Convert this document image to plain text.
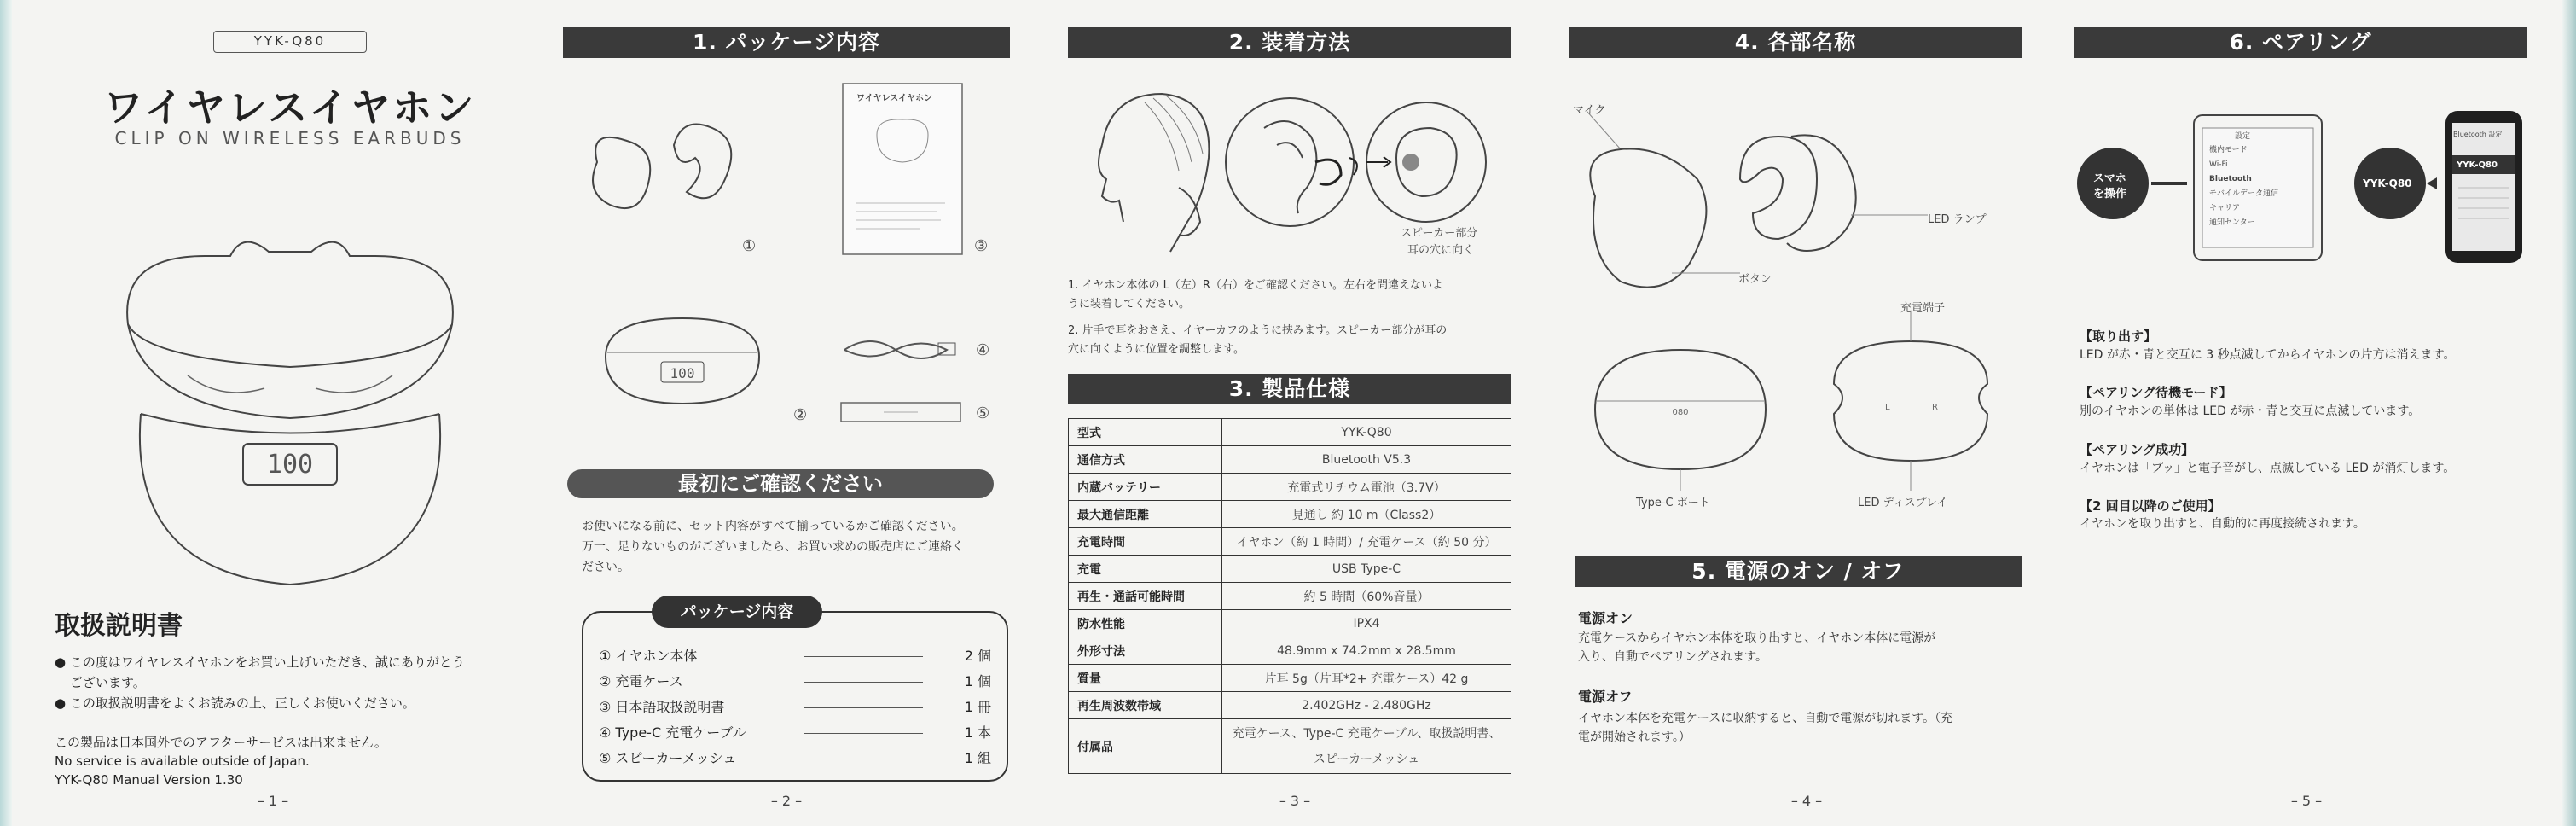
YYK-Q80
ワイヤレスイヤホン
CLIP ON WIRELESS EARBUDS
100
取扱説明書
● この度はワイヤレスイヤホンをお買い上げいただき、誠にありがとう
ございます。
● この取扱説明書をよくお読みの上、正しくお使いください。
この製品は日本国外でのアフターサービスは出来ません。
No service is available outside of Japan.
YYK-Q80 Manual Version 1.30
– 1 –
1. パッケージ内容
①
ワイヤレスイヤホン
③
100
②
④
⑤
最初にご確認ください
お使いになる前に、セット内容がすべて揃っているかご確認ください。
万一、足りないものがございましたら、お買い求めの販売店にご連絡く
ださい。
パッケージ内容
① イヤホン本体	2 個
② 充電ケース	1 個
③ 日本語取扱説明書	1 冊
④ Type-C 充電ケーブル	1 本
⑤ スピーカーメッシュ	1 組
– 2 –
2. 装着方法
スピーカー部分
耳の穴に向く
1. イヤホン本体の L（左）R（右）をご確認ください。左右を間違えないよ
うに装着してください。
2. 片手で耳をおさえ、イヤーカフのように挟みます。スピーカー部分が耳の
穴に向くように位置を調整します。
3. 製品仕様
型式	YYK-Q80
通信方式	Bluetooth V5.3
内蔵バッテリー	充電式リチウム電池（3.7V）
最大通信距離	見通し 約 10 m（Class2）
充電時間	イヤホン（約 1 時間）/ 充電ケース（約 50 分）
充電	USB Type-C
再生・通話可能時間	約 5 時間（60%音量）
防水性能	IPX4
外形寸法	48.9mm x 74.2mm x 28.5mm
質量	片耳 5g（片耳*2+ 充電ケース）42 g
再生周波数帯域	2.402GHz - 2.480GHz
付属品	充電ケース、Type-C 充電ケーブル、取扱説明書、
スピーカーメッシュ
– 3 –
4. 各部名称
マイク
LED ランプ
ボタン
充電端子
Type-C ポート	LED ディスプレイ
080
L	R
5. 電源のオン / オフ
電源オン
充電ケースからイヤホン本体を取り出すと、イヤホン本体に電源が
入り、自動でペアリングされます。
電源オフ
イヤホン本体を充電ケースに収納すると、自動で電源が切れます。（充
電が開始されます。）
– 4 –
6. ペアリング
スマホ
を操作
設定
機内モード
Wi-Fi
Bluetooth
モバイルデータ通信
キャリア
通知センター
YYK-Q80
Bluetooth 設定
YYK-Q80
【取り出す】
LED が赤・青と交互に 3 秒点滅してからイヤホンの片方は消えます。
【ペアリング待機モード】
別のイヤホンの単体は LED が赤・青と交互に点滅しています。
【ペアリング成功】
イヤホンは「プッ」と電子音がし、点滅している LED が消灯します。
【2 回目以降のご使用】
イヤホンを取り出すと、自動的に再度接続されます。
– 5 –
